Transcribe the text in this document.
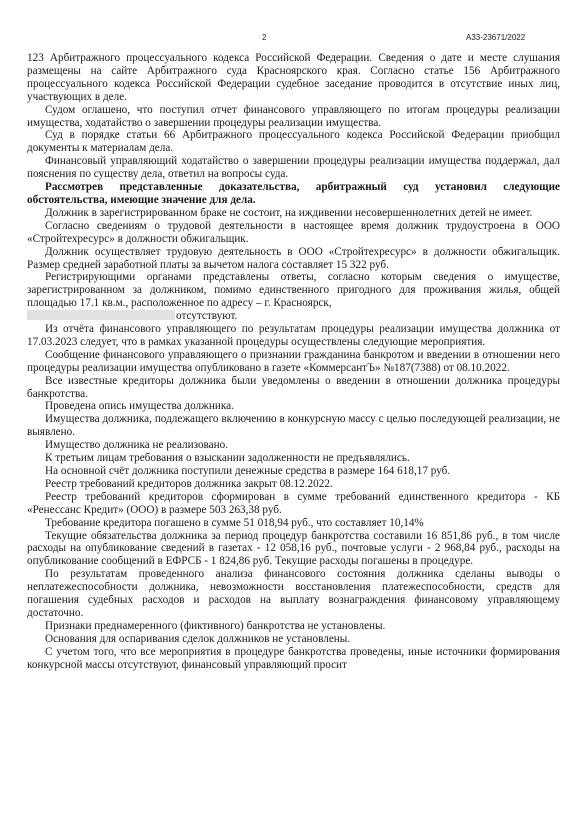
2	А33-23671/2022

123 Арбитражного процессуального кодекса Российской Федерации. Сведения о дате и месте слушания размещены на сайте Арбитражного суда Красноярского края. Согласно статье 156 Арбитражного процессуального кодекса Российской Федерации судебное заседание проводится в отсутствие иных лиц, участвующих в деле.

Судом оглашено, что поступил отчет финансового управляющего по итогам процедуры реализации имущества, ходатайство о завершении процедуры реализации имущества.

Суд в порядке статьи 66 Арбитражного процессуального кодекса Российской Федерации приобщил документы к материалам дела.

Финансовый управляющий ходатайство о завершении процедуры реализации имущества поддержал, дал пояснения по существу дела, ответил на вопросы суда.

Рассмотрев представленные доказательства, арбитражный суд установил следующие обстоятельства, имеющие значение для дела.

Должник в зарегистрированном браке не состоит, на иждивении несовершеннолетних детей не имеет.

Согласно сведениям о трудовой деятельности в настоящее время должник трудоустроена в ООО «Стройтехресурс» в должности обжигальщик.

Должник осуществляет трудовую деятельность в ООО «Стройтехресурс» в должности обжигальщик. Размер средней заработной платы за вычетом налога составляет 15 322 руб.

Регистрирующими органами представлены ответы, согласно которым сведения о имуществе, зарегистрированном за должником, помимо единственного пригодного для проживания жилья, общей площадью 17.1 кв.м., расположенное по адресу – г. Красноярск,
отсутствуют.

Из отчёта финансового управляющего по результатам процедуры реализации имущества должника от 17.03.2023 следует, что в рамках указанной процедуры осуществлены следующие мероприятия.

Сообщение финансового управляющего о признании гражданина банкротом и введении в отношении него процедуры реализации имущества опубликовано в газете «КоммерсантЪ» №187(7388) от 08.10.2022.

Все известные кредиторы должника были уведомлены о введении в отношении должника процедуры банкротства.

Проведена опись имущества должника.

Имущества должника, подлежащего включению в конкурсную массу с целью последующей реализации, не выявлено.

Имущество должника не реализовано.

К третьим лицам требования о взыскании задолженности не предъявлялись.

На основной счёт должника поступили денежные средства в размере 164 618,17 руб.

Реестр требований кредиторов должника закрыт 08.12.2022.

Реестр требований кредиторов сформирован в сумме требований единственного кредитора - КБ «Ренессанс Кредит» (ООО) в размере 503 263,38 руб.

Требование кредитора погашено в сумме 51 018,94 руб., что составляет 10,14%

Текущие обязательства должника за период процедур банкротства составили 16 851,86 руб., в том числе расходы на опубликование сведений в газетах - 12 058,16 руб., почтовые услуги - 2 968,84 руб., расходы на опубликование сообщений в ЕФРСБ - 1 824,86 руб. Текущие расходы погашены в процедуре.

По результатам проведенного анализа финансового состояния должника сделаны выводы о неплатежеспособности должника, невозможности восстановления платежеспособности, средств для погашения судебных расходов и расходов на выплату вознаграждения финансовому управляющему достаточно.

Признаки преднамеренного (фиктивного) банкротства не установлены.

Основания для оспаривания сделок должников не установлены.

С учетом того, что все мероприятия в процедуре банкротства проведены, иные источники формирования конкурсной массы отсутствуют, финансовый управляющий просит
